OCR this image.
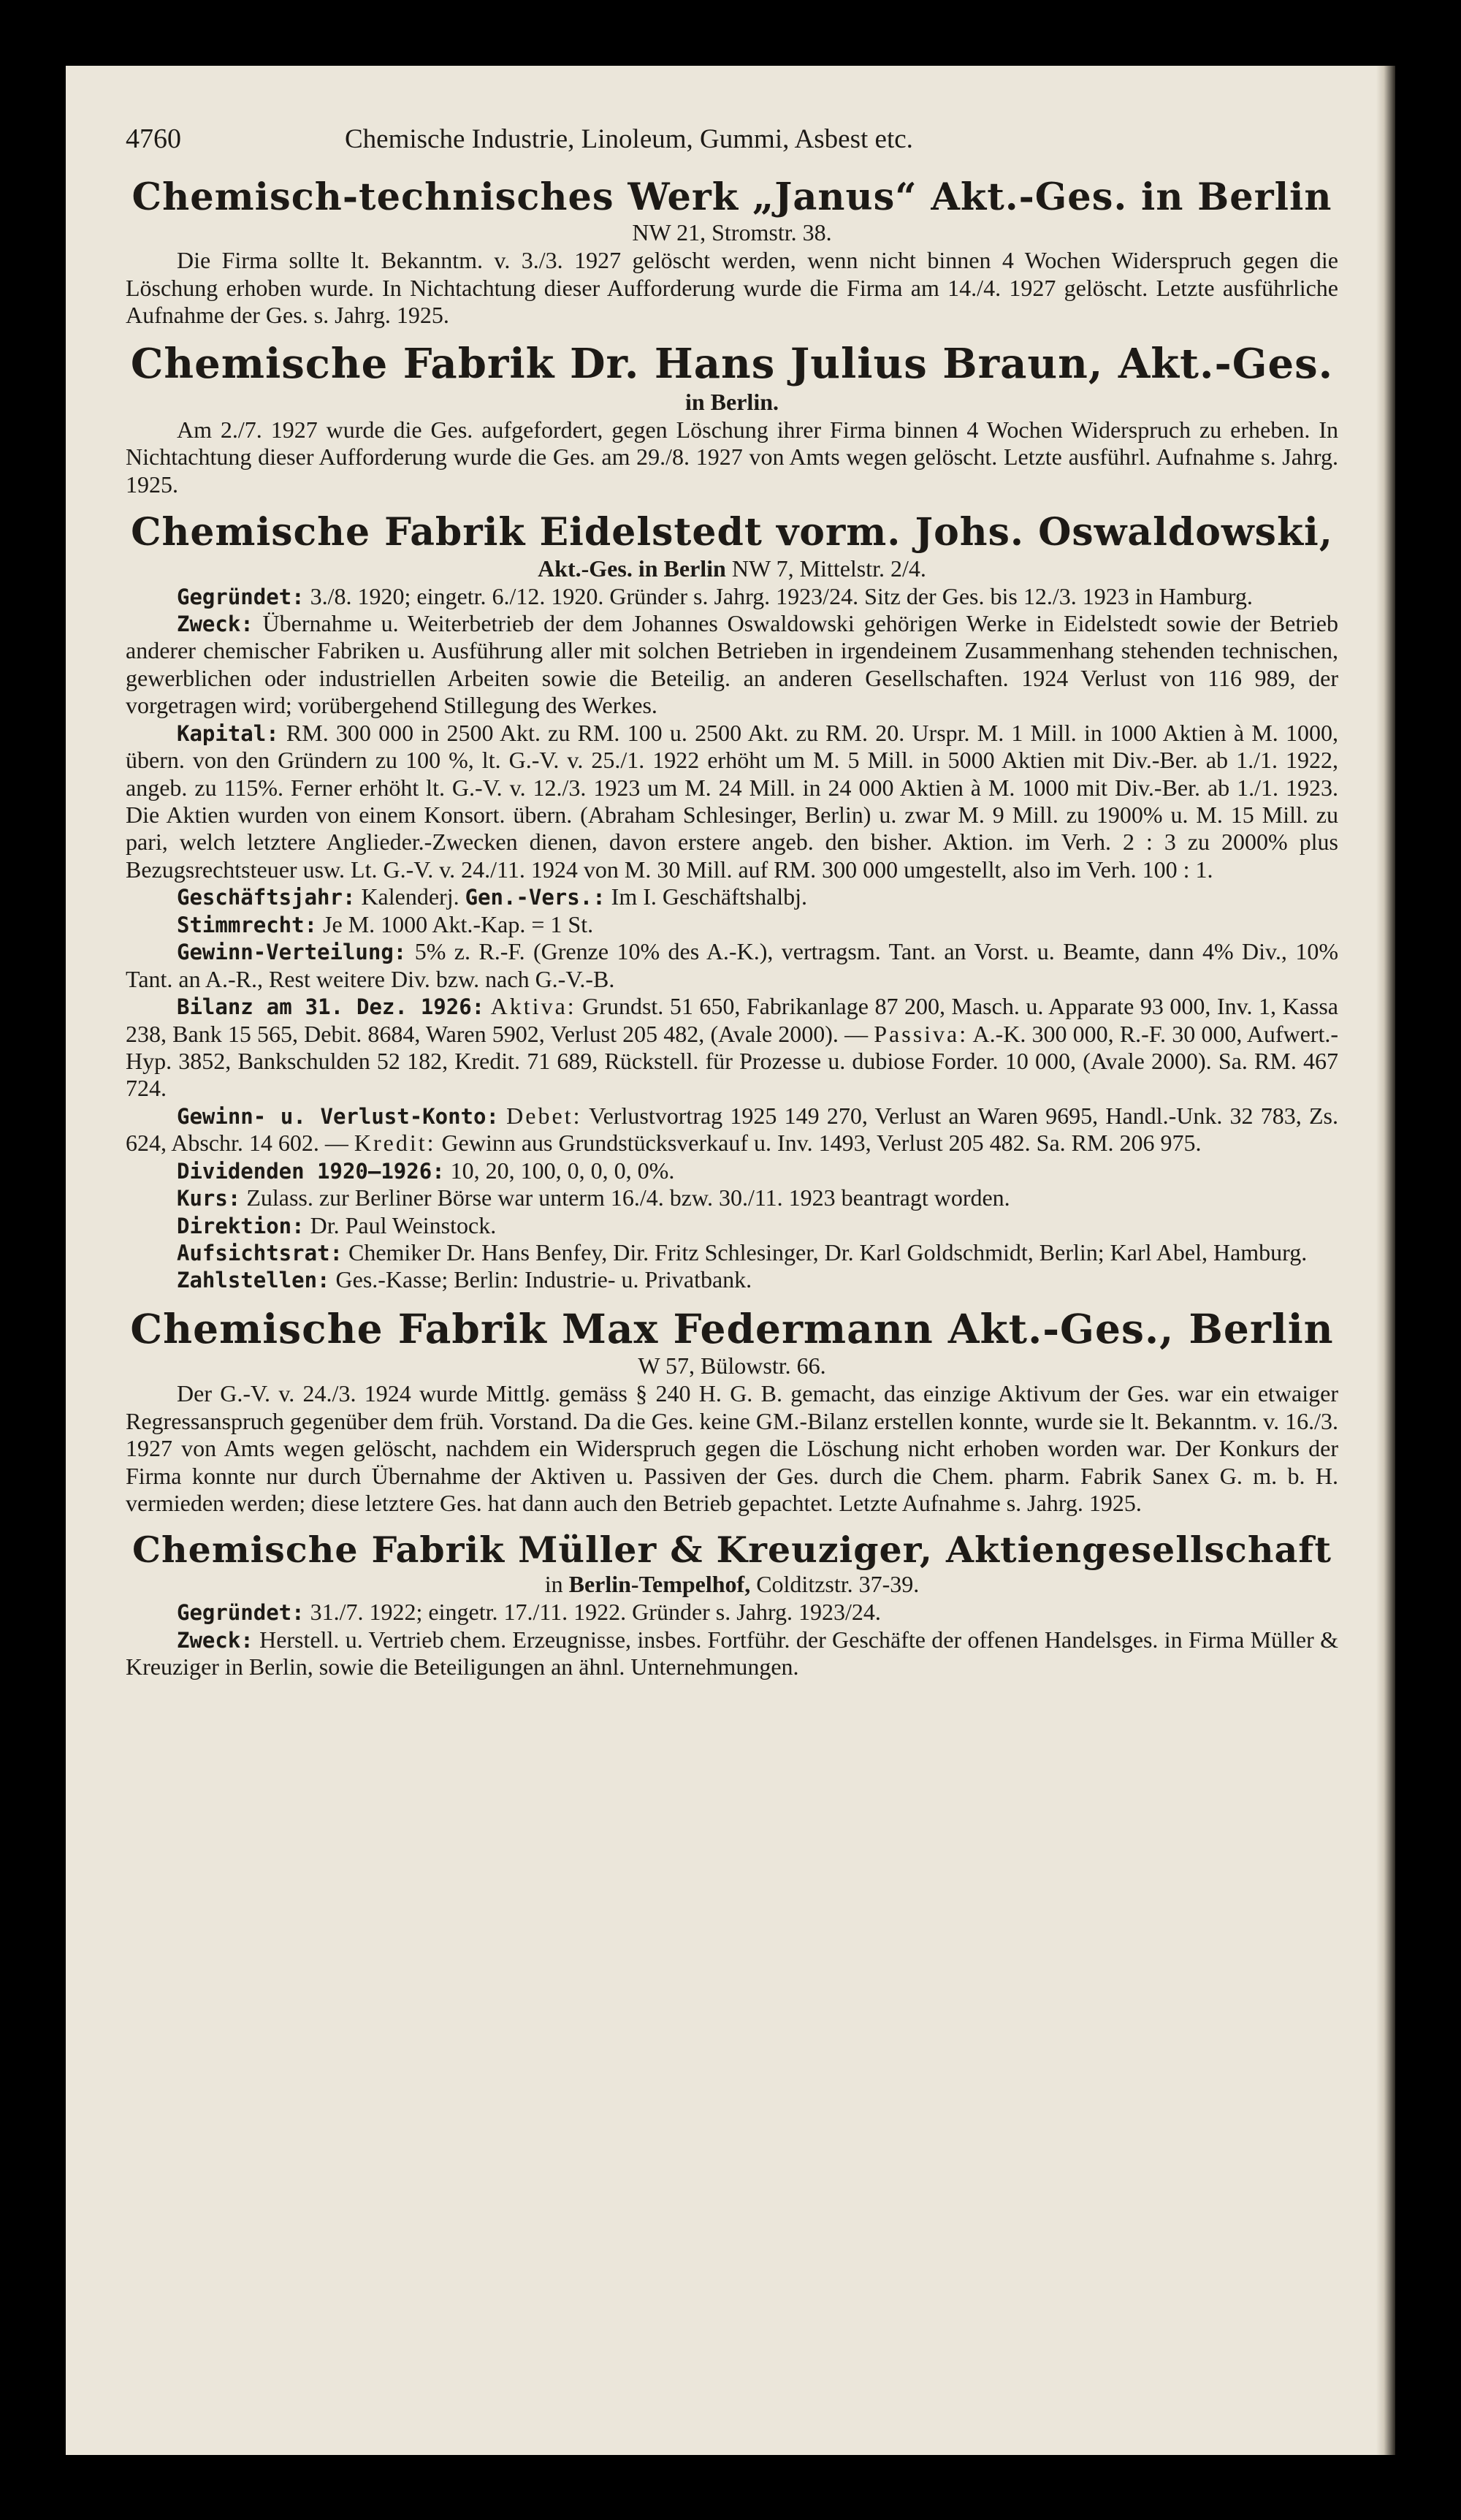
4760	Chemische Industrie, Linoleum, Gummi, Asbest etc.
Chemisch-technisches Werk „Janus“ Akt.-Ges. in Berlin
NW 21, Stromstr. 38.

Die Firma sollte lt. Bekanntm. v. 3./3. 1927 gelöscht werden, wenn nicht binnen 4 Wochen Widerspruch gegen die Löschung erhoben wurde. In Nichtachtung dieser Aufforderung wurde die Firma am 14./4. 1927 gelöscht. Letzte ausführliche Aufnahme der Ges. s. Jahrg. 1925.

Chemische Fabrik Dr. Hans Julius Braun, Akt.-Ges.
in Berlin.

Am 2./7. 1927 wurde die Ges. aufgefordert, gegen Löschung ihrer Firma binnen 4 Wochen Widerspruch zu erheben. In Nichtachtung dieser Aufforderung wurde die Ges. am 29./8. 1927 von Amts wegen gelöscht. Letzte ausführl. Aufnahme s. Jahrg. 1925.

Chemische Fabrik Eidelstedt vorm. Johs. Oswaldowski,
Akt.-Ges. in Berlin NW 7, Mittelstr. 2/4.

Gegründet: 3./8. 1920; eingetr. 6./12. 1920. Gründer s. Jahrg. 1923/24. Sitz der Ges. bis 12./3. 1923 in Hamburg.

Zweck: Übernahme u. Weiterbetrieb der dem Johannes Oswaldowski gehörigen Werke in Eidelstedt sowie der Betrieb anderer chemischer Fabriken u. Ausführung aller mit solchen Betrieben in irgendeinem Zusammenhang stehenden technischen, gewerblichen oder industriellen Arbeiten sowie die Beteilig. an anderen Gesellschaften. 1924 Verlust von 116 989, der vorgetragen wird; vorübergehend Stillegung des Werkes.

Kapital: RM. 300 000 in 2500 Akt. zu RM. 100 u. 2500 Akt. zu RM. 20. Urspr. M. 1 Mill. in 1000 Aktien à M. 1000, übern. von den Gründern zu 100 %, lt. G.-V. v. 25./1. 1922 erhöht um M. 5 Mill. in 5000 Aktien mit Div.-Ber. ab 1./1. 1922, angeb. zu 115%. Ferner erhöht lt. G.-V. v. 12./3. 1923 um M. 24 Mill. in 24 000 Aktien à M. 1000 mit Div.-Ber. ab 1./1. 1923. Die Aktien wurden von einem Konsort. übern. (Abraham Schlesinger, Berlin) u. zwar M. 9 Mill. zu 1900% u. M. 15 Mill. zu pari, welch letztere Anglieder.-Zwecken dienen, davon erstere angeb. den bisher. Aktion. im Verh. 2 : 3 zu 2000% plus Bezugsrechtsteuer usw. Lt. G.-V. v. 24./11. 1924 von M. 30 Mill. auf RM. 300 000 umgestellt, also im Verh. 100 : 1.

Geschäftsjahr: Kalenderj. Gen.-Vers.: Im I. Geschäftshalbj.

Stimmrecht: Je M. 1000 Akt.-Kap. = 1 St.

Gewinn-Verteilung: 5% z. R.-F. (Grenze 10% des A.-K.), vertragsm. Tant. an Vorst. u. Beamte, dann 4% Div., 10% Tant. an A.-R., Rest weitere Div. bzw. nach G.-V.-B.

Bilanz am 31. Dez. 1926: Aktiva: Grundst. 51 650, Fabrikanlage 87 200, Masch. u. Apparate 93 000, Inv. 1, Kassa 238, Bank 15 565, Debit. 8684, Waren 5902, Verlust 205 482, (Avale 2000). — Passiva: A.-K. 300 000, R.-F. 30 000, Aufwert.-Hyp. 3852, Bankschulden 52 182, Kredit. 71 689, Rückstell. für Prozesse u. dubiose Forder. 10 000, (Avale 2000). Sa. RM. 467 724.

Gewinn- u. Verlust-Konto: Debet: Verlustvortrag 1925 149 270, Verlust an Waren 9695, Handl.-Unk. 32 783, Zs. 624, Abschr. 14 602. — Kredit: Gewinn aus Grundstücksverkauf u. Inv. 1493, Verlust 205 482. Sa. RM. 206 975.

Dividenden 1920—1926: 10, 20, 100, 0, 0, 0, 0%.

Kurs: Zulass. zur Berliner Börse war unterm 16./4. bzw. 30./11. 1923 beantragt worden.

Direktion: Dr. Paul Weinstock.

Aufsichtsrat: Chemiker Dr. Hans Benfey, Dir. Fritz Schlesinger, Dr. Karl Goldschmidt, Berlin; Karl Abel, Hamburg.

Zahlstellen: Ges.-Kasse; Berlin: Industrie- u. Privatbank.

Chemische Fabrik Max Federmann Akt.-Ges., Berlin
W 57, Bülowstr. 66.

Der G.-V. v. 24./3. 1924 wurde Mittlg. gemäss § 240 H. G. B. gemacht, das einzige Aktivum der Ges. war ein etwaiger Regressanspruch gegenüber dem früh. Vorstand. Da die Ges. keine GM.-Bilanz erstellen konnte, wurde sie lt. Bekanntm. v. 16./3. 1927 von Amts wegen gelöscht, nachdem ein Widerspruch gegen die Löschung nicht erhoben worden war. Der Konkurs der Firma konnte nur durch Übernahme der Aktiven u. Passiven der Ges. durch die Chem. pharm. Fabrik Sanex G. m. b. H. vermieden werden; diese letztere Ges. hat dann auch den Betrieb gepachtet. Letzte Aufnahme s. Jahrg. 1925.

Chemische Fabrik Müller & Kreuziger, Aktiengesellschaft
in Berlin-Tempelhof, Colditzstr. 37-39.

Gegründet: 31./7. 1922; eingetr. 17./11. 1922. Gründer s. Jahrg. 1923/24.

Zweck: Herstell. u. Vertrieb chem. Erzeugnisse, insbes. Fortführ. der Geschäfte der offenen Handelsges. in Firma Müller & Kreuziger in Berlin, sowie die Beteiligungen an ähnl. Unternehmungen.
